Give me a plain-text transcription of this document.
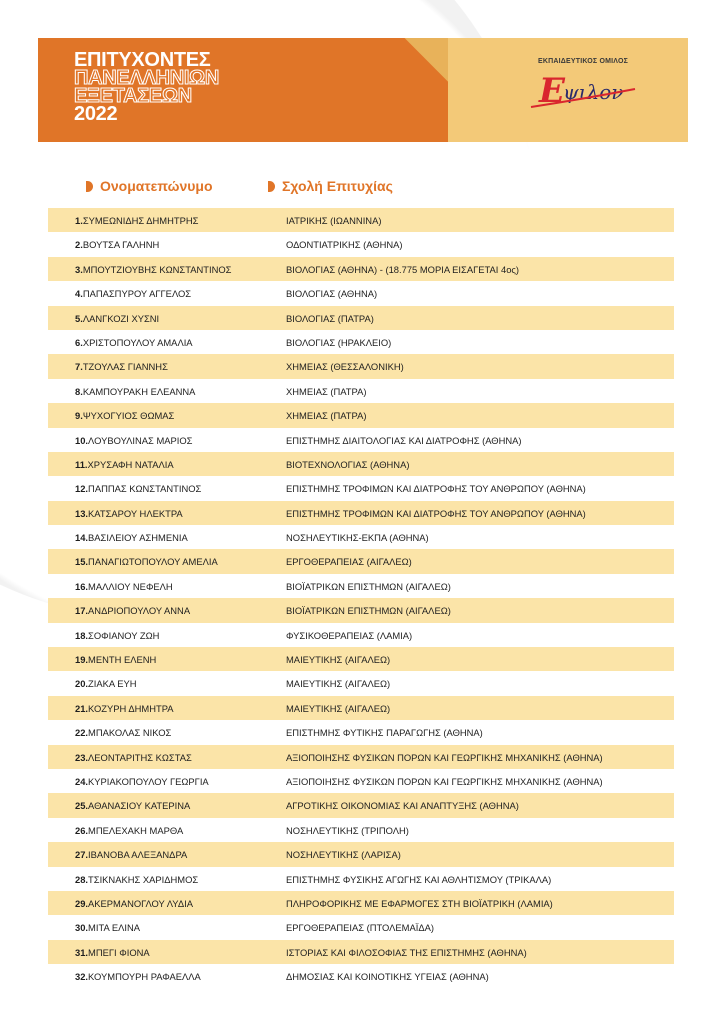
ΕΠΙΤΥΧΟΝΤΕΣ
ΠΑΝΕΛΛΗΝΙΩΝ
ΕΞΕΤΑΣΕΩΝ
2022
ΕΚΠΑΙΔΕΥΤΙΚΟΣ ΟΜΙΛΟΣ
Ε
ψιλον
Ονοματεπώνυμο	Σχολή Επιτυχίας
1.ΣΥΜΕΩΝΙΔΗΣ ΔΗΜΗΤΡΗΣ	ΙΑΤΡΙΚΗΣ (ΙΩΑΝΝΙΝΑ)
2.ΒΟΥΤΣΑ ΓΑΛΗΝΗ	ΟΔΟΝΤΙΑΤΡΙΚΗΣ (ΑΘΗΝΑ)
3.ΜΠΟΥΤΖΙΟΥΒΗΣ ΚΩΝΣΤΑΝΤΙΝΟΣ	ΒΙΟΛΟΓΙΑΣ (ΑΘΗΝΑ) - (18.775 ΜΟΡΙΑ ΕΙΣΑΓΕΤΑΙ 4ος)
4.ΠΑΠΑΣΠΥΡΟΥ ΑΓΓΕΛΟΣ	ΒΙΟΛΟΓΙΑΣ (ΑΘΗΝΑ)
5.ΛΑΝΓΚΟΖΙ ΧΥΣΝΙ	ΒΙΟΛΟΓΙΑΣ (ΠΑΤΡΑ)
6.ΧΡΙΣΤΟΠΟΥΛΟΥ ΑΜΑΛΙΑ	ΒΙΟΛΟΓΙΑΣ (ΗΡΑΚΛΕΙΟ)
7.ΤΖΟΥΛΑΣ ΓΙΑΝΝΗΣ	ΧΗΜΕΙΑΣ (ΘΕΣΣΑΛΟΝΙΚΗ)
8.ΚΑΜΠΟΥΡΑΚΗ ΕΛΕΑΝΝΑ	ΧΗΜΕΙΑΣ (ΠΑΤΡΑ)
9.ΨΥΧΟΓΥΙΟΣ ΘΩΜΑΣ	ΧΗΜΕΙΑΣ (ΠΑΤΡΑ)
10.ΛΟΥΒΟΥΛΙΝΑΣ ΜΑΡΙΟΣ	ΕΠΙΣΤΗΜΗΣ ΔΙΑΙΤΟΛΟΓΙΑΣ ΚΑΙ ΔΙΑΤΡΟΦΗΣ (ΑΘΗΝΑ)
11.ΧΡΥΣΑΦΗ ΝΑΤΑΛΙΑ	ΒΙΟΤΕΧΝΟΛΟΓΙΑΣ (ΑΘΗΝΑ)
12.ΠΑΠΠΑΣ ΚΩΝΣΤΑΝΤΙΝΟΣ	ΕΠΙΣΤΗΜΗΣ ΤΡΟΦΙΜΩΝ ΚΑΙ ΔΙΑΤΡΟΦΗΣ ΤΟΥ ΑΝΘΡΩΠΟΥ (ΑΘΗΝΑ)
13.ΚΑΤΣΑΡΟΥ ΗΛΕΚΤΡΑ	ΕΠΙΣΤΗΜΗΣ ΤΡΟΦΙΜΩΝ ΚΑΙ ΔΙΑΤΡΟΦΗΣ ΤΟΥ ΑΝΘΡΩΠΟΥ (ΑΘΗΝΑ)
14.ΒΑΣΙΛΕΙΟΥ ΑΣΗΜΕΝΙΑ	ΝΟΣΗΛΕΥΤΙΚΗΣ-ΕΚΠΑ (ΑΘΗΝΑ)
15.ΠΑΝΑΓΙΩΤΟΠΟΥΛΟΥ ΑΜΕΛΙΑ	ΕΡΓΟΘΕΡΑΠΕΙΑΣ (ΑΙΓΑΛΕΩ)
16.ΜΑΛΛΙΟΥ ΝΕΦΕΛΗ	ΒΙΟΪΑΤΡΙΚΩΝ ΕΠΙΣΤΗΜΩΝ (ΑΙΓΑΛΕΩ)
17.ΑΝΔΡΙΟΠΟΥΛΟΥ ΑΝΝΑ	ΒΙΟΪΑΤΡΙΚΩΝ ΕΠΙΣΤΗΜΩΝ (ΑΙΓΑΛΕΩ)
18.ΣΟΦΙΑΝΟΥ ΖΩΗ	ΦΥΣΙΚΟΘΕΡΑΠΕΙΑΣ (ΛΑΜΙΑ)
19.ΜΕΝΤΗ ΕΛΕΝΗ	ΜΑΙΕΥΤΙΚΗΣ (ΑΙΓΑΛΕΩ)
20.ΖΙΑΚΑ ΕΥΗ	ΜΑΙΕΥΤΙΚΗΣ (ΑΙΓΑΛΕΩ)
21.ΚΟΖΥΡΗ ΔΗΜΗΤΡΑ	ΜΑΙΕΥΤΙΚΗΣ (ΑΙΓΑΛΕΩ)
22.ΜΠΑΚΟΛΑΣ ΝΙΚΟΣ	ΕΠΙΣΤΗΜΗΣ ΦΥΤΙΚΗΣ ΠΑΡΑΓΩΓΗΣ (ΑΘΗΝΑ)
23.ΛΕΟΝΤΑΡΙΤΗΣ ΚΩΣΤΑΣ	ΑΞΙΟΠΟΙΗΣΗΣ ΦΥΣΙΚΩΝ ΠΟΡΩΝ ΚΑΙ ΓΕΩΡΓΙΚΗΣ ΜΗΧΑΝΙΚΗΣ (ΑΘΗΝΑ)
24.ΚΥΡΙΑΚΟΠΟΥΛΟΥ ΓΕΩΡΓΙΑ	ΑΞΙΟΠΟΙΗΣΗΣ ΦΥΣΙΚΩΝ ΠΟΡΩΝ ΚΑΙ ΓΕΩΡΓΙΚΗΣ ΜΗΧΑΝΙΚΗΣ (ΑΘΗΝΑ)
25.ΑΘΑΝΑΣΙΟΥ ΚΑΤΕΡΙΝΑ	ΑΓΡΟΤΙΚΗΣ ΟΙΚΟΝΟΜΙΑΣ ΚΑΙ ΑΝΑΠΤΥΞΗΣ (ΑΘΗΝΑ)
26.ΜΠΕΛΕΧΑΚΗ ΜΑΡΘΑ	ΝΟΣΗΛΕΥΤΙΚΗΣ (ΤΡΙΠΟΛΗ)
27.ΙΒΑΝΟΒΑ ΑΛΕΞΑΝΔΡΑ	ΝΟΣΗΛΕΥΤΙΚΗΣ (ΛΑΡΙΣΑ)
28.ΤΣΙΚΝΑΚΗΣ ΧΑΡΙΔΗΜΟΣ	ΕΠΙΣΤΗΜΗΣ ΦΥΣΙΚΗΣ ΑΓΩΓΗΣ ΚΑΙ ΑΘΛΗΤΙΣΜΟΥ (ΤΡΙΚΑΛΑ)
29.ΑΚΕΡΜΑΝΟΓΛΟΥ ΛΥΔΙΑ	ΠΛΗΡΟΦΟΡΙΚΗΣ ΜΕ ΕΦΑΡΜΟΓΕΣ ΣΤΗ ΒΙΟΪΑΤΡΙΚΗ (ΛΑΜΙΑ)
30.ΜΙΤΑ ΕΛΙΝΑ	ΕΡΓΟΘΕΡΑΠΕΙΑΣ (ΠΤΟΛΕΜΑΪΔΑ)
31.ΜΠΕΓΙ ΦΙΟΝΑ	ΙΣΤΟΡΙΑΣ ΚΑΙ ΦΙΛΟΣΟΦΙΑΣ ΤΗΣ ΕΠΙΣΤΗΜΗΣ (ΑΘΗΝΑ)
32.ΚΟΥΜΠΟΥΡΗ ΡΑΦΑΕΛΛΑ	ΔΗΜΟΣΙΑΣ ΚΑΙ ΚΟΙΝΟΤΙΚΗΣ ΥΓΕΙΑΣ (ΑΘΗΝΑ)
